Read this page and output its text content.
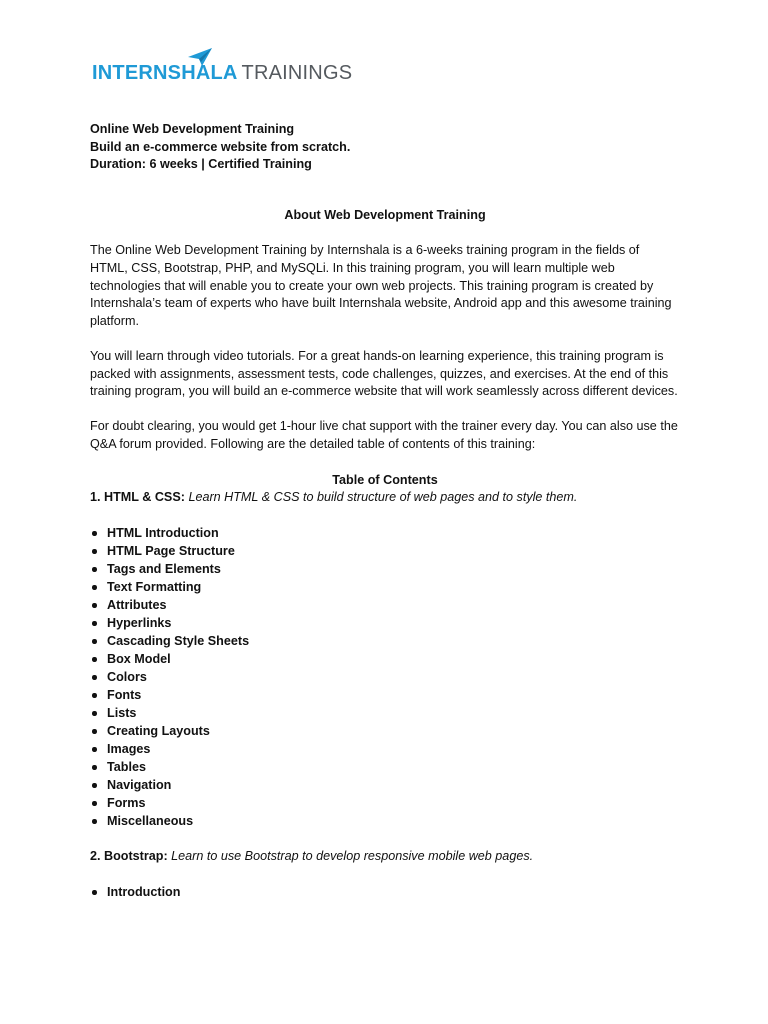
INTERNSHALA TRAININGS

Online Web Development Training

Build an e-commerce website from scratch.

Duration: 6 weeks | Certified Training

About Web Development Training

The Online Web Development Training by Internshala is a 6-weeks training program in the fields of HTML, CSS, Bootstrap, PHP, and MySQLi. In this training program, you will learn multiple web technologies that will enable you to create your own web projects. This training program is created by Internshala’s team of experts who have built Internshala website, Android app and this awesome training platform.

You will learn through video tutorials. For a great hands-on learning experience, this training program is packed with assignments, assessment tests, code challenges, quizzes, and exercises. At the end of this training program, you will build an e-commerce website that will work seamlessly across different devices.

For doubt clearing, you would get 1-hour live chat support with the trainer every day. You can also use the Q&A forum provided. Following are the detailed table of contents of this training:

Table of Contents

1. HTML & CSS: Learn HTML & CSS to build structure of web pages and to style them.

HTML Introduction
HTML Page Structure
Tags and Elements
Text Formatting
Attributes
Hyperlinks
Cascading Style Sheets
Box Model
Colors
Fonts
Lists
Creating Layouts
Images
Tables
Navigation
Forms
Miscellaneous

2. Bootstrap: Learn to use Bootstrap to develop responsive mobile web pages.

Introduction
